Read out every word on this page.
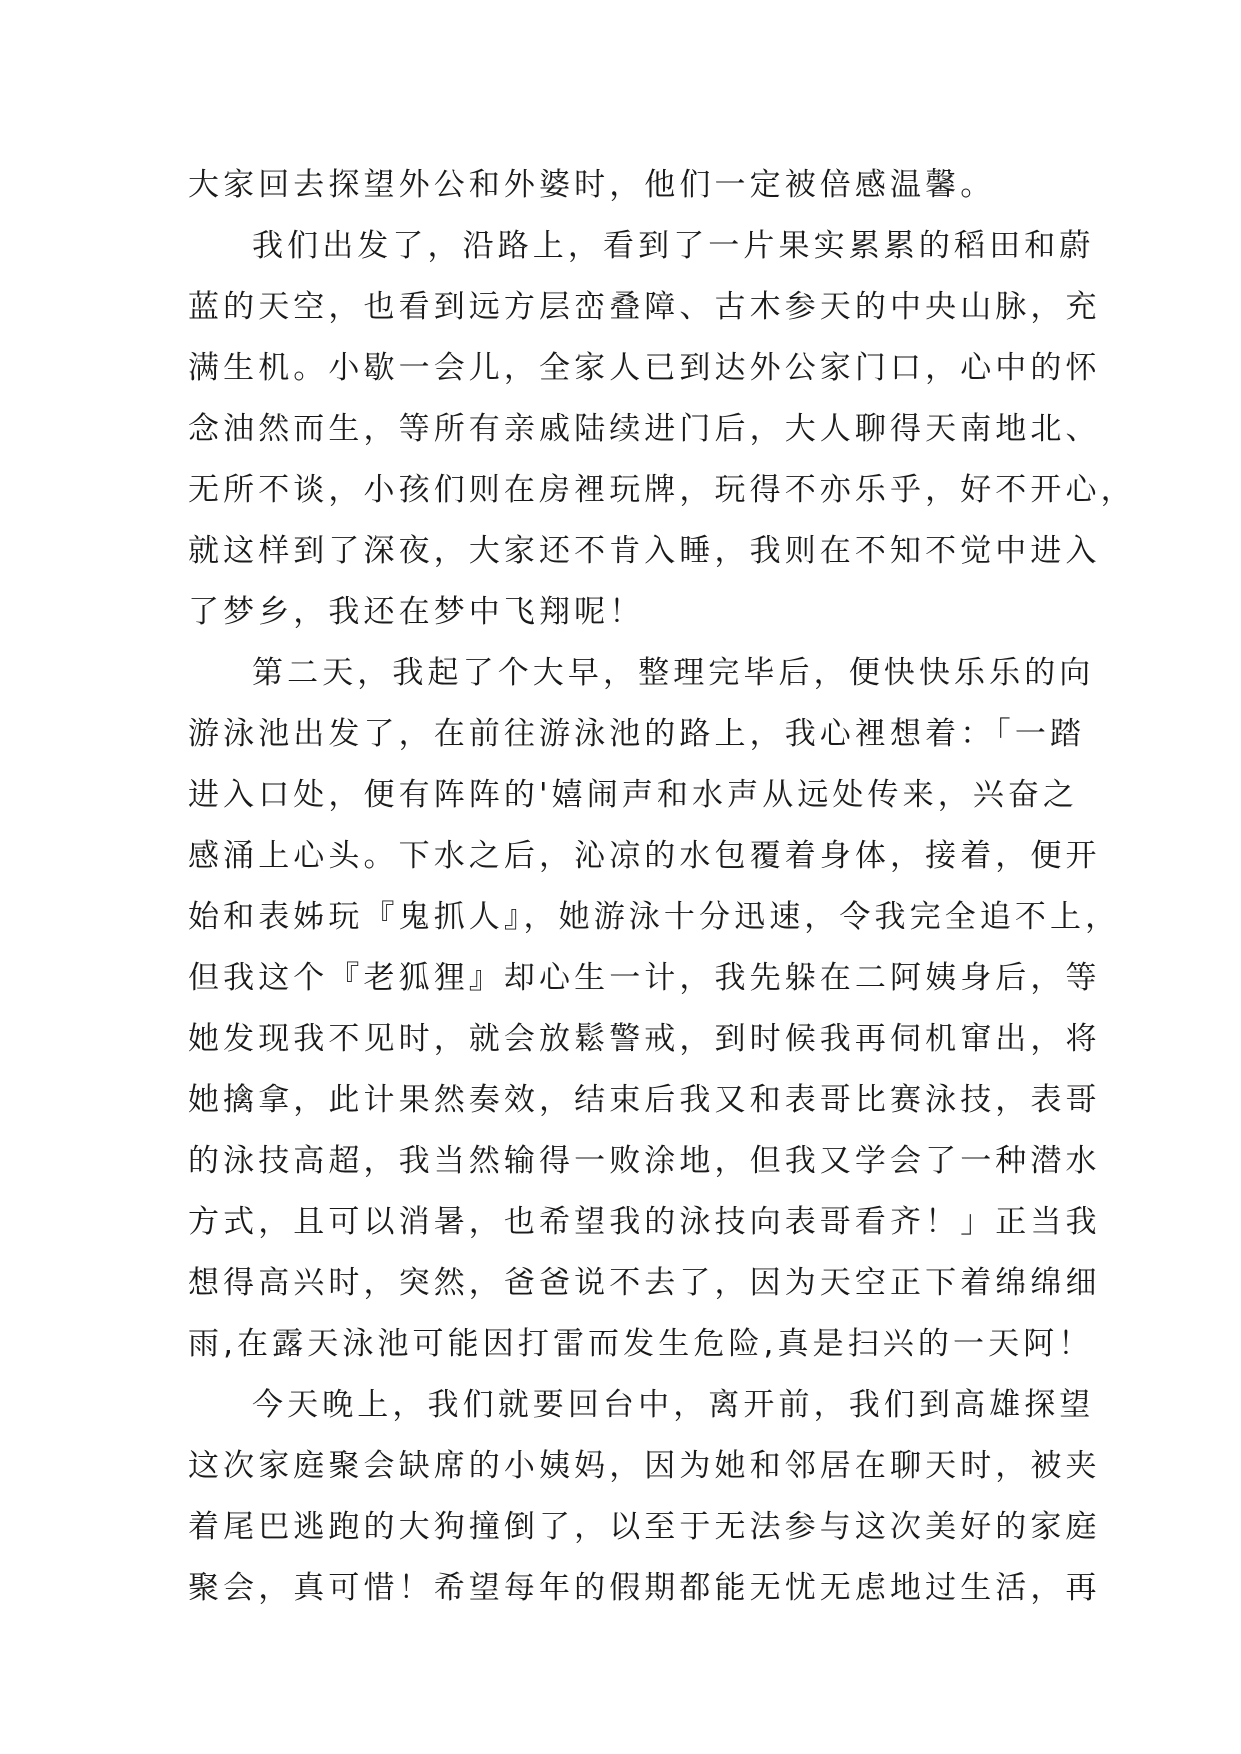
大家回去探望外公和外婆时，他们一定被倍感温馨。
我们出发了，沿路上，看到了一片果实累累的稻田和蔚
蓝的天空，也看到远方层峦叠障、古木参天的中央山脉，充
满生机。小歇一会儿，全家人已到达外公家门口，心中的怀
念油然而生，等所有亲戚陆续进门后，大人聊得天南地北、
无所不谈，小孩们则在房裡玩牌，玩得不亦乐乎，好不开心，
就这样到了深夜，大家还不肯入睡，我则在不知不觉中进入
了梦乡，我还在梦中飞翔呢！
第二天，我起了个大早，整理完毕后，便快快乐乐的向
游泳池出发了，在前往游泳池的路上，我心裡想着：「一踏
进入口处，便有阵阵的'嬉闹声和水声从远处传来，兴奋之
感涌上心头。下水之后，沁凉的水包覆着身体，接着，便开
始和表姊玩『鬼抓人』，她游泳十分迅速，令我完全追不上，
但我这个『老狐狸』却心生一计，我先躲在二阿姨身后，等
她发现我不见时，就会放鬆警戒，到时候我再伺机窜出，将
她擒拿，此计果然奏效，结束后我又和表哥比赛泳技，表哥
的泳技高超，我当然输得一败涂地，但我又学会了一种潜水
方式，且可以消暑，也希望我的泳技向表哥看齐！」正当我
想得高兴时，突然，爸爸说不去了，因为天空正下着绵绵细
雨,在露天泳池可能因打雷而发生危险,真是扫兴的一天阿！
今天晚上，我们就要回台中，离开前，我们到高雄探望
这次家庭聚会缺席的小姨妈，因为她和邻居在聊天时，被夹
着尾巴逃跑的大狗撞倒了，以至于无法参与这次美好的家庭
聚会，真可惜！希望每年的假期都能无忧无虑地过生活，再
